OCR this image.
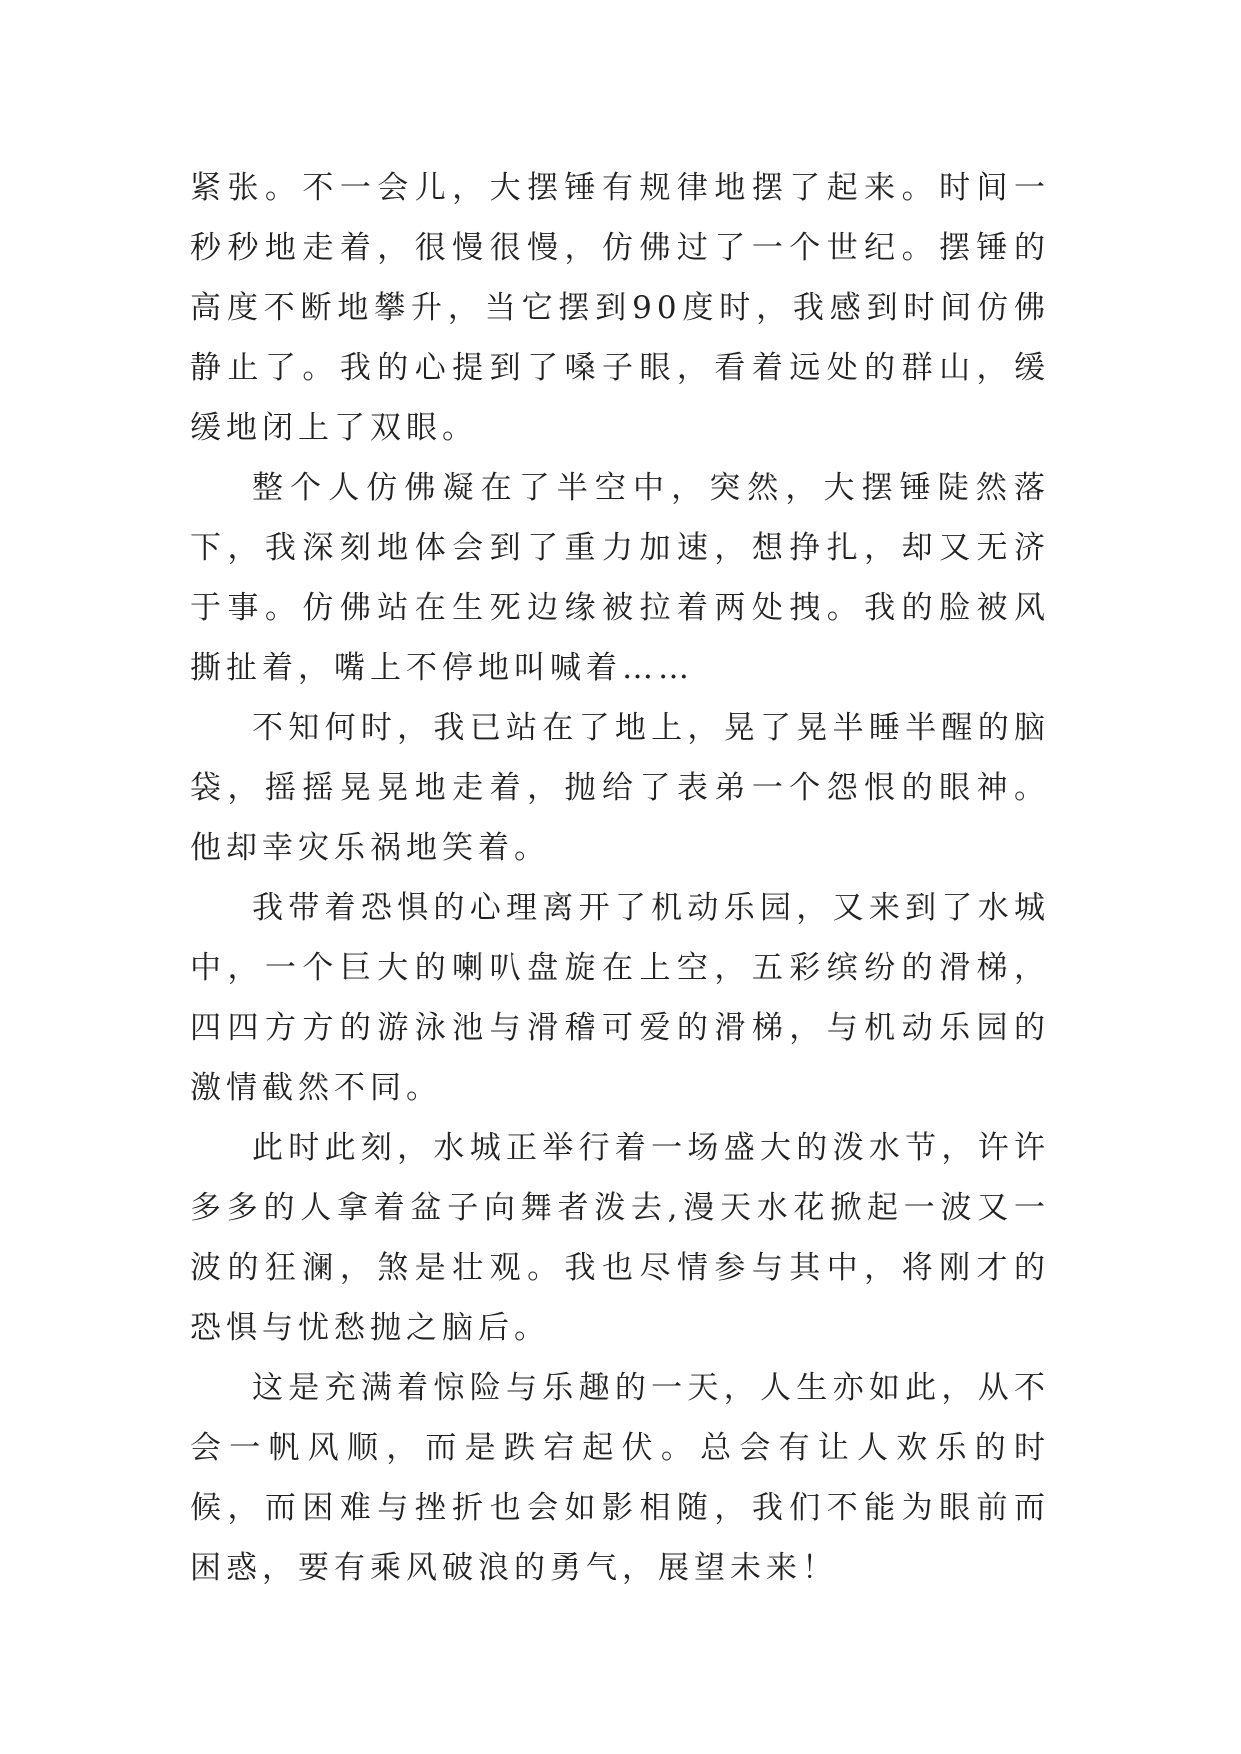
紧张。不一会儿，大摆锤有规律地摆了起来。时间一秒秒地走着，很慢很慢，仿佛过了一个世纪。摆锤的高度不断地攀升，当它摆到90度时，我感到时间仿佛静止了。我的心提到了嗓子眼，看着远处的群山，缓缓地闭上了双眼。

整个人仿佛凝在了半空中，突然，大摆锤陡然落下，我深刻地体会到了重力加速，想挣扎，却又无济于事。仿佛站在生死边缘被拉着两处拽。我的脸被风撕扯着，嘴上不停地叫喊着……

不知何时，我已站在了地上，晃了晃半睡半醒的脑袋，摇摇晃晃地走着，抛给了表弟一个怨恨的眼神。他却幸灾乐祸地笑着。

我带着恐惧的心理离开了机动乐园，又来到了水城中，一个巨大的喇叭盘旋在上空，五彩缤纷的滑梯，四四方方的游泳池与滑稽可爱的滑梯，与机动乐园的激情截然不同。

此时此刻，水城正举行着一场盛大的泼水节，许许多多的人拿着盆子向舞者泼去,漫天水花掀起一波又一波的狂澜，煞是壮观。我也尽情参与其中，将刚才的恐惧与忧愁抛之脑后。

这是充满着惊险与乐趣的一天，人生亦如此，从不会一帆风顺，而是跌宕起伏。总会有让人欢乐的时候，而困难与挫折也会如影相随，我们不能为眼前而困惑，要有乘风破浪的勇气，展望未来！
